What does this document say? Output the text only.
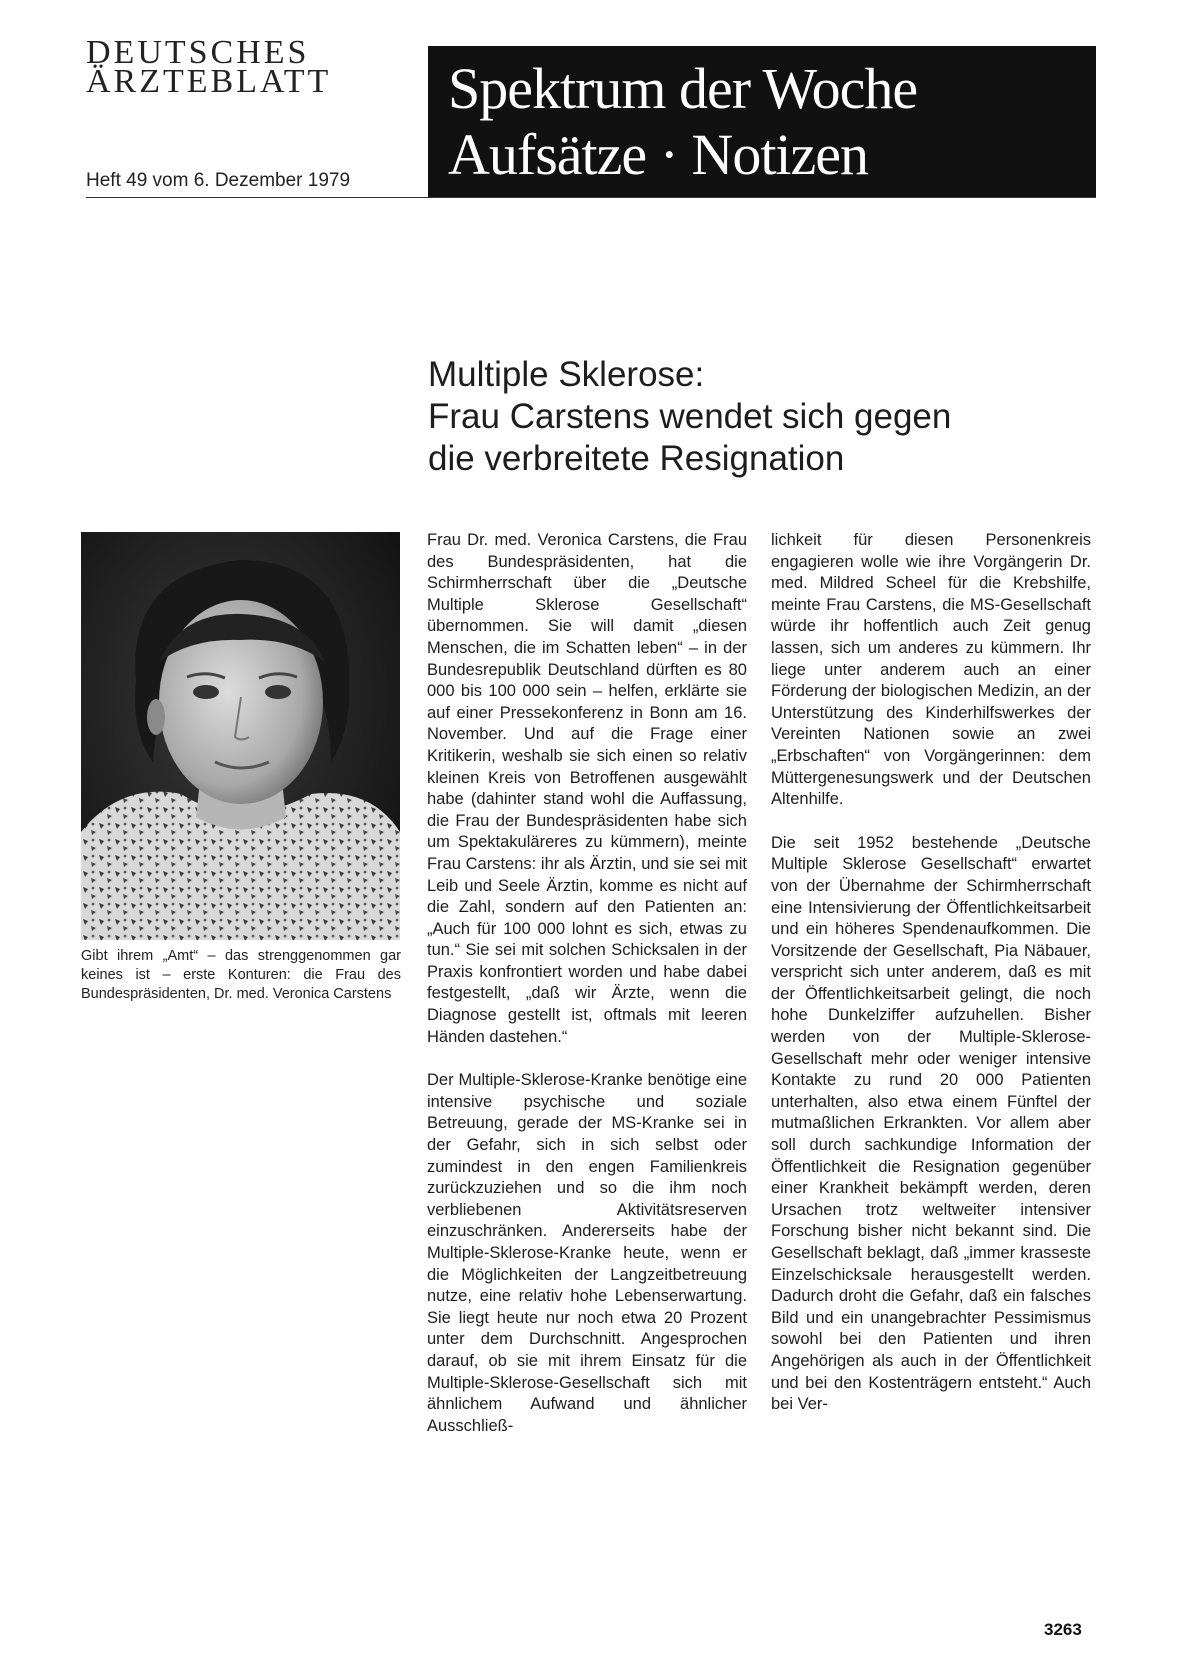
DEUTSCHES
ÄRZTEBLATT

Heft 49 vom 6. Dezember 1979

Spektrum der Woche
Aufsätze · Notizen
Multiple Sklerose:
Frau Carstens wendet sich gegen
die verbreitete Resignation
Gibt ihrem „Amt“ – das strenggenommen gar keines ist – erste Konturen: die Frau des Bundespräsidenten, Dr. med. Veronica Carstens

Frau Dr. med. Veronica Carstens, die Frau des Bundespräsidenten, hat die Schirmherrschaft über die „Deutsche Multiple Sklerose Gesellschaft“ übernommen. Sie will damit „diesen Menschen, die im Schatten leben“ – in der Bundesrepublik Deutschland dürften es 80 000 bis 100 000 sein – helfen, erklärte sie auf einer Pressekonferenz in Bonn am 16. November. Und auf die Frage einer Kritikerin, weshalb sie sich einen so relativ kleinen Kreis von Betroffenen ausgewählt habe (dahinter stand wohl die Auffassung, die Frau der Bundespräsidenten habe sich um Spektakuläreres zu kümmern), meinte Frau Carstens: ihr als Ärztin, und sie sei mit Leib und Seele Ärztin, komme es nicht auf die Zahl, sondern auf den Patienten an: „Auch für 100 000 lohnt es sich, etwas zu tun.“ Sie sei mit solchen Schicksalen in der Praxis konfrontiert worden und habe dabei festgestellt, „daß wir Ärzte, wenn die Diagnose gestellt ist, oftmals mit leeren Händen dastehen.“

Der Multiple-Sklerose-Kranke benötige eine intensive psychische und soziale Betreuung, gerade der MS-Kranke sei in der Gefahr, sich in sich selbst oder zumindest in den engen Familienkreis zurückzuziehen und so die ihm noch verbliebenen Aktivitätsreserven einzuschränken. Andererseits habe der Multiple-Sklerose-Kranke heute, wenn er die Möglichkeiten der Langzeitbetreuung nutze, eine relativ hohe Lebenserwartung. Sie liegt heute nur noch etwa 20 Prozent unter dem Durchschnitt. Angesprochen darauf, ob sie mit ihrem Einsatz für die Multiple-Sklerose-Gesellschaft sich mit ähnlichem Aufwand und ähnlicher Ausschließ-

lichkeit für diesen Personenkreis engagieren wolle wie ihre Vorgängerin Dr. med. Mildred Scheel für die Krebshilfe, meinte Frau Carstens, die MS-Gesellschaft würde ihr hoffentlich auch Zeit genug lassen, sich um anderes zu kümmern. Ihr liege unter anderem auch an einer Förderung der biologischen Medizin, an der Unterstützung des Kinderhilfswerkes der Vereinten Nationen sowie an zwei „Erbschaften“ von Vorgängerinnen: dem Müttergenesungswerk und der Deutschen Altenhilfe.

Die seit 1952 bestehende „Deutsche Multiple Sklerose Gesellschaft“ erwartet von der Übernahme der Schirmherrschaft eine Intensivierung der Öffentlichkeitsarbeit und ein höheres Spendenaufkommen. Die Vorsitzende der Gesellschaft, Pia Näbauer, verspricht sich unter anderem, daß es mit der Öffentlichkeitsarbeit gelingt, die noch hohe Dunkelziffer aufzuhellen. Bisher werden von der Multiple-Sklerose-Gesellschaft mehr oder weniger intensive Kontakte zu rund 20 000 Patienten unterhalten, also etwa einem Fünftel der mutmaßlichen Erkrankten. Vor allem aber soll durch sachkundige Information der Öffentlichkeit die Resignation gegenüber einer Krankheit bekämpft werden, deren Ursachen trotz weltweiter intensiver Forschung bisher nicht bekannt sind. Die Gesellschaft beklagt, daß „immer krasseste Einzelschicksale herausgestellt werden. Dadurch droht die Gefahr, daß ein falsches Bild und ein unangebrachter Pessimismus sowohl bei den Patienten und ihren Angehörigen als auch in der Öffentlichkeit und bei den Kostenträgern entsteht.“ Auch bei Ver-

3263
